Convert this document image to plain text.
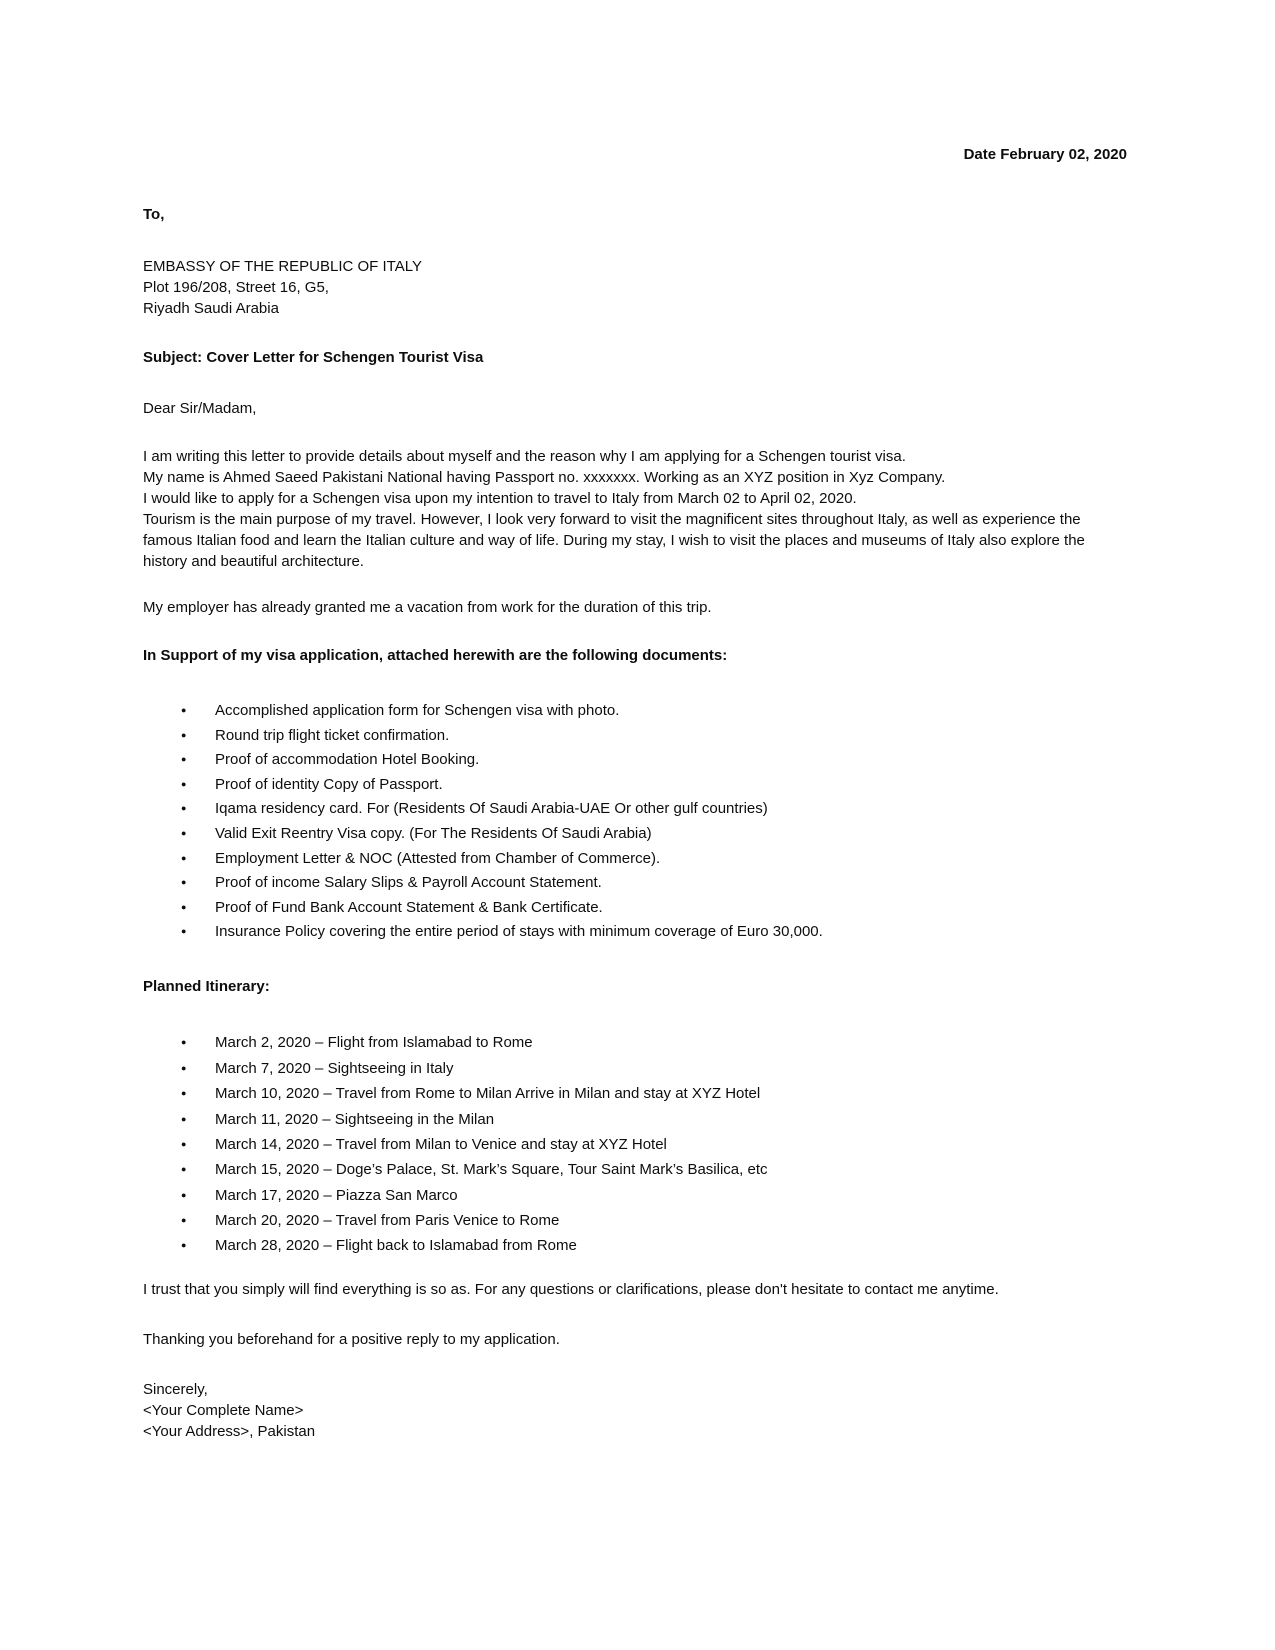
Date February 02, 2020
To,
EMBASSY OF THE REPUBLIC OF ITALY
Plot 196/208, Street 16, G5,
Riyadh Saudi Arabia
Subject: Cover Letter for Schengen Tourist Visa
Dear Sir/Madam,
I am writing this letter to provide details about myself and the reason why I am applying for a Schengen tourist visa.
My name is Ahmed Saeed Pakistani National having Passport no. xxxxxxx. Working as an XYZ position in Xyz Company.
I would like to apply for a Schengen visa upon my intention to travel to Italy from March 02 to April 02, 2020.
Tourism is the main purpose of my travel. However, I look very forward to visit the magnificent sites throughout Italy, as well as experience the famous Italian food and learn the Italian culture and way of life. During my stay, I wish to visit the places and museums of Italy also explore the history and beautiful architecture.
My employer has already granted me a vacation from work for the duration of this trip.
In Support of my visa application, attached herewith are the following documents:
● Accomplished application form for Schengen visa with photo.
● Round trip flight ticket confirmation.
● Proof of accommodation Hotel Booking.
● Proof of identity Copy of Passport.
● Iqama residency card. For (Residents Of Saudi Arabia-UAE Or other gulf countries)
● Valid Exit Reentry Visa copy. (For The Residents Of Saudi Arabia)
● Employment Letter & NOC (Attested from Chamber of Commerce).
● Proof of income Salary Slips & Payroll Account Statement.
● Proof of Fund Bank Account Statement & Bank Certificate.
● Insurance Policy covering the entire period of stays with minimum coverage of Euro 30,000.
Planned Itinerary:
● March 2, 2020 – Flight from Islamabad to Rome
● March 7, 2020 – Sightseeing in Italy
● March 10, 2020 – Travel from Rome to Milan Arrive in Milan and stay at XYZ Hotel
● March 11, 2020 – Sightseeing in the Milan
● March 14, 2020 – Travel from Milan to Venice and stay at XYZ Hotel
● March 15, 2020 – Doge’s Palace, St. Mark’s Square, Tour Saint Mark’s Basilica, etc
● March 17, 2020 – Piazza San Marco
● March 20, 2020 – Travel from Paris Venice to Rome
● March 28, 2020 – Flight back to Islamabad from Rome
I trust that you simply will find everything is so as. For any questions or clarifications, please don't hesitate to contact me anytime.
Thanking you beforehand for a positive reply to my application.
Sincerely,
<Your Complete Name>
<Your Address>, Pakistan
